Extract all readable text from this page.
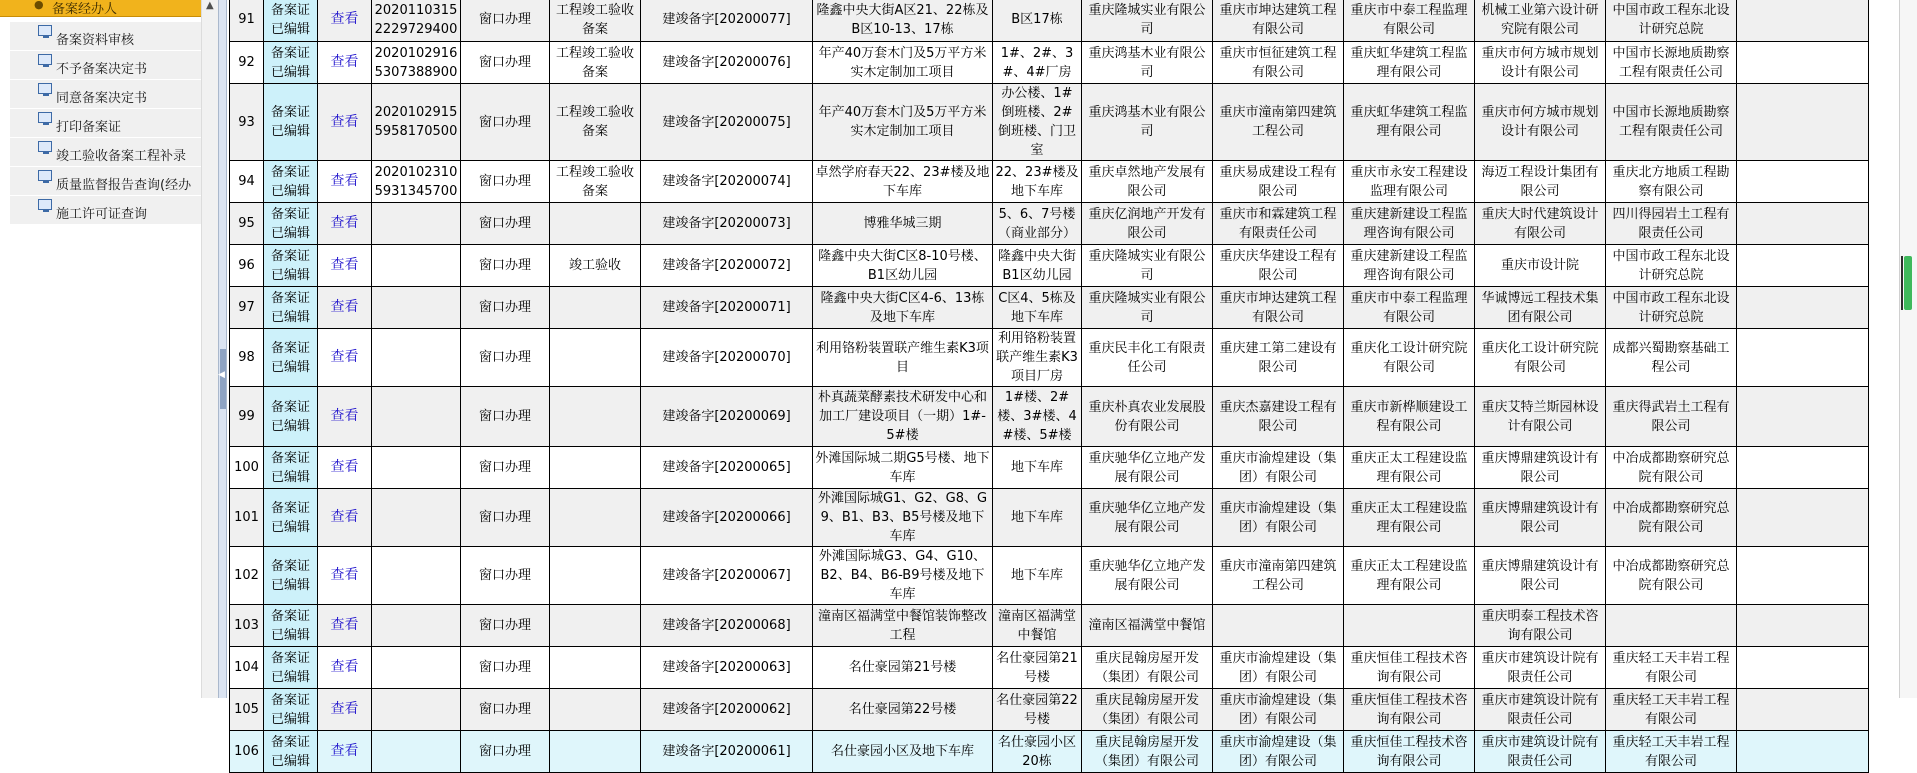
● 备案经办人
备案资料审核
不予备案决定书
同意备案决定书
打印备案证
竣工验收备案工程补录
质量监督报告查询(经办
施工许可证查询
▲
◀
91	备案证已编辑	查看	20201103152229729400	窗口办理	工程竣工验收备案	建竣备字[20200077]	隆鑫中央大街A区21、22栋及B区10-13、17栋	B区17栋	重庆隆城实业有限公司	重庆市坤达建筑工程有限公司	重庆市中泰工程监理有限公司	机械工业第六设计研究院有限公司	中国市政工程东北设计研究总院	
92	备案证已编辑	查看	20201029165307388900	窗口办理	工程竣工验收备案	建竣备字[20200076]	年产40万套木门及5万平方米实木定制加工项目	1#、2#、3#、4#厂房	重庆鸿基木业有限公司	重庆市恒征建筑工程有限公司	重庆虹华建筑工程监理有限公司	重庆市何方城市规划设计有限公司	中国市长源地质勘察工程有限责任公司	
93	备案证已编辑	查看	20201029155958170500	窗口办理	工程竣工验收备案	建竣备字[20200075]	年产40万套木门及5万平方米实木定制加工项目	办公楼、1#倒班楼、2#倒班楼、门卫室	重庆鸿基木业有限公司	重庆市潼南第四建筑工程公司	重庆虹华建筑工程监理有限公司	重庆市何方城市规划设计有限公司	中国市长源地质勘察工程有限责任公司	
94	备案证已编辑	查看	20201023105931345700	窗口办理	工程竣工验收备案	建竣备字[20200074]	卓然学府春天22、23#楼及地下车库	22、23#楼及地下车库	重庆卓然地产发展有限公司	重庆易成建设工程有限公司	重庆市永安工程建设监理有限公司	海迈工程设计集团有限公司	重庆北方地质工程勘察有限公司	
95	备案证已编辑	查看		窗口办理		建竣备字[20200073]	博雅华城三期	5、6、7号楼（商业部分）	重庆亿润地产开发有限公司	重庆市和霖建筑工程有限责任公司	重庆建新建设工程监理咨询有限公司	重庆大时代建筑设计有限公司	四川得园岩土工程有限责任公司	
96	备案证已编辑	查看		窗口办理	竣工验收	建竣备字[20200072]	隆鑫中央大街C区8-10号楼、B1区幼儿园	隆鑫中央大街B1区幼儿园	重庆隆城实业有限公司	重庆庆华建设工程有限公司	重庆建新建设工程监理咨询有限公司	重庆市设计院	中国市政工程东北设计研究总院	
97	备案证已编辑	查看		窗口办理		建竣备字[20200071]	隆鑫中央大街C区4-6、13栋及地下车库	C区4、5栋及地下车库	重庆隆城实业有限公司	重庆市坤达建筑工程有限公司	重庆市中泰工程监理有限公司	华诚博远工程技术集团有限公司	中国市政工程东北设计研究总院	
98	备案证已编辑	查看		窗口办理		建竣备字[20200070]	利用铬粉装置联产维生素K3项目	利用铬粉装置联产维生素K3项目厂房	重庆民丰化工有限责任公司	重庆建工第二建设有限公司	重庆化工设计研究院有限公司	重庆化工设计研究院有限公司	成都兴蜀勘察基础工程公司	
99	备案证已编辑	查看		窗口办理		建竣备字[20200069]	朴真蔬菜酵素技术研发中心和加工厂建设项目（一期）1#-5#楼	1#楼、2#楼、3#楼、4#楼、5#楼	重庆朴真农业发展股份有限公司	重庆杰嘉建设工程有限公司	重庆市新桦顺建设工程有限公司	重庆艾特兰斯园林设计有限公司	重庆得武岩土工程有限公司	
100	备案证已编辑	查看		窗口办理		建竣备字[20200065]	外滩国际城二期G5号楼、地下车库	地下车库	重庆驰华亿立地产发展有限公司	重庆市渝煌建设（集团）有限公司	重庆正太工程建设监理有限公司	重庆博鼎建筑设计有限公司	中冶成都勘察研究总院有限公司	
101	备案证已编辑	查看		窗口办理		建竣备字[20200066]	外滩国际城G1、G2、G8、G9、B1、B3、B5号楼及地下车库	地下车库	重庆驰华亿立地产发展有限公司	重庆市渝煌建设（集团）有限公司	重庆正太工程建设监理有限公司	重庆博鼎建筑设计有限公司	中冶成都勘察研究总院有限公司	
102	备案证已编辑	查看		窗口办理		建竣备字[20200067]	外滩国际城G3、G4、G10、B2、B4、B6-B9号楼及地下车库	地下车库	重庆驰华亿立地产发展有限公司	重庆市潼南第四建筑工程公司	重庆正太工程建设监理有限公司	重庆博鼎建筑设计有限公司	中冶成都勘察研究总院有限公司	
103	备案证已编辑	查看		窗口办理		建竣备字[20200068]	潼南区福满堂中餐馆装饰整改工程	潼南区福满堂中餐馆	潼南区福满堂中餐馆			重庆明泰工程技术咨询有限公司		
104	备案证已编辑	查看		窗口办理		建竣备字[20200063]	名仕豪园第21号楼	名仕豪园第21号楼	重庆昆翰房屋开发（集团）有限公司	重庆市渝煌建设（集团）有限公司	重庆恒佳工程技术咨询有限公司	重庆市建筑设计院有限责任公司	重庆轻工天丰岩工程有限公司	
105	备案证已编辑	查看		窗口办理		建竣备字[20200062]	名仕豪园第22号楼	名仕豪园第22号楼	重庆昆翰房屋开发（集团）有限公司	重庆市渝煌建设（集团）有限公司	重庆恒佳工程技术咨询有限公司	重庆市建筑设计院有限责任公司	重庆轻工天丰岩工程有限公司	
106	备案证已编辑	查看		窗口办理		建竣备字[20200061]	名仕豪园小区及地下车库	名仕豪园小区20栋	重庆昆翰房屋开发（集团）有限公司	重庆市渝煌建设（集团）有限公司	重庆恒佳工程技术咨询有限公司	重庆市建筑设计院有限责任公司	重庆轻工天丰岩工程有限公司	
